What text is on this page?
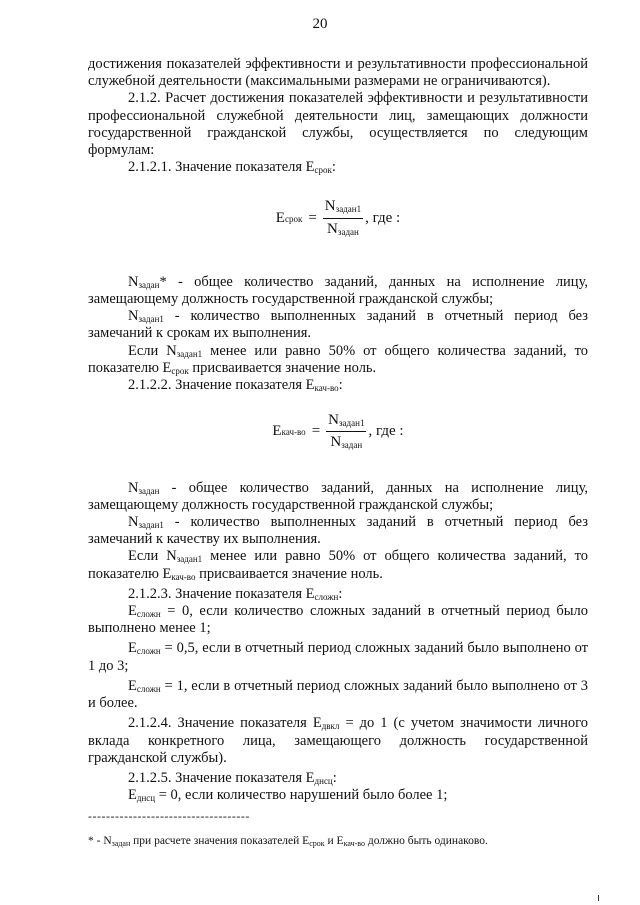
20

достижения показателей эффективности и результативности профессиональной служебной деятельности (максимальными размерами не ограничиваются).

2.1.2. Расчет достижения показателей эффективности и результативности профессиональной служебной деятельности лиц, замещающих должности государственной гражданской службы, осуществляется по следующим формулам:

2.1.2.1. Значение показателя $Е_{срок}$:

Е срок = $\frac{N_{задан1}}{N_{задан}}$ , где :

$N_{задан}*$ - общее количество заданий, данных на исполнение лицу, замещающему должность государственной гражданской службы;

$N_{задан1}$ - количество выполненных заданий в отчетный период без замечаний к срокам их выполнения.

Если $N_{задан1}$ менее или равно 50% от общего количества заданий, то показателю $Е_{срок}$ присваивается значение ноль.

2.1.2.2. Значение показателя $Е_{кач-во}$:

Е $кач-во = \frac{N_{задан1}}{N_{задан}}$ , где :

$N_{задан}$ - общее количество заданий, данных на исполнение лицу, замещающему должность государственной гражданской службы;

$N_{задан1}$ - количество выполненных заданий в отчетный период без замечаний к качеству их выполнения.

Если $N_{задан1}$ менее или равно 50% от общего количества заданий, то показателю $Е_{кач-во}$ присваивается значение ноль.

2.1.2.3. Значение показателя $Е_{сложн}$:

$Е_{сложн} = 0$, если количество сложных заданий в отчетный период было выполнено менее 1;

$Е_{сложн} = 0,5$, если в отчетный период сложных заданий было выполнено от 1 до 3;

$Е_{сложн} = 1$, если в отчетный период сложных заданий было выполнено от 3 и более.

2.1.2.4. Значение показателя $Е_{двкл}$ = до 1 (с учетом значимости личного вклада конкретного лица, замещающего должность государственной гражданской службы).

2.1.2.5. Значение показателя $Е_{днсц}$:

$Е_{днсц} = 0$, если количество нарушений было более 1;

------------------------------------

* - $N_{задан}$ при расчете значения показателей $Е_{срок}$ и $Е_{кач-во}$ должно быть одинаково.
